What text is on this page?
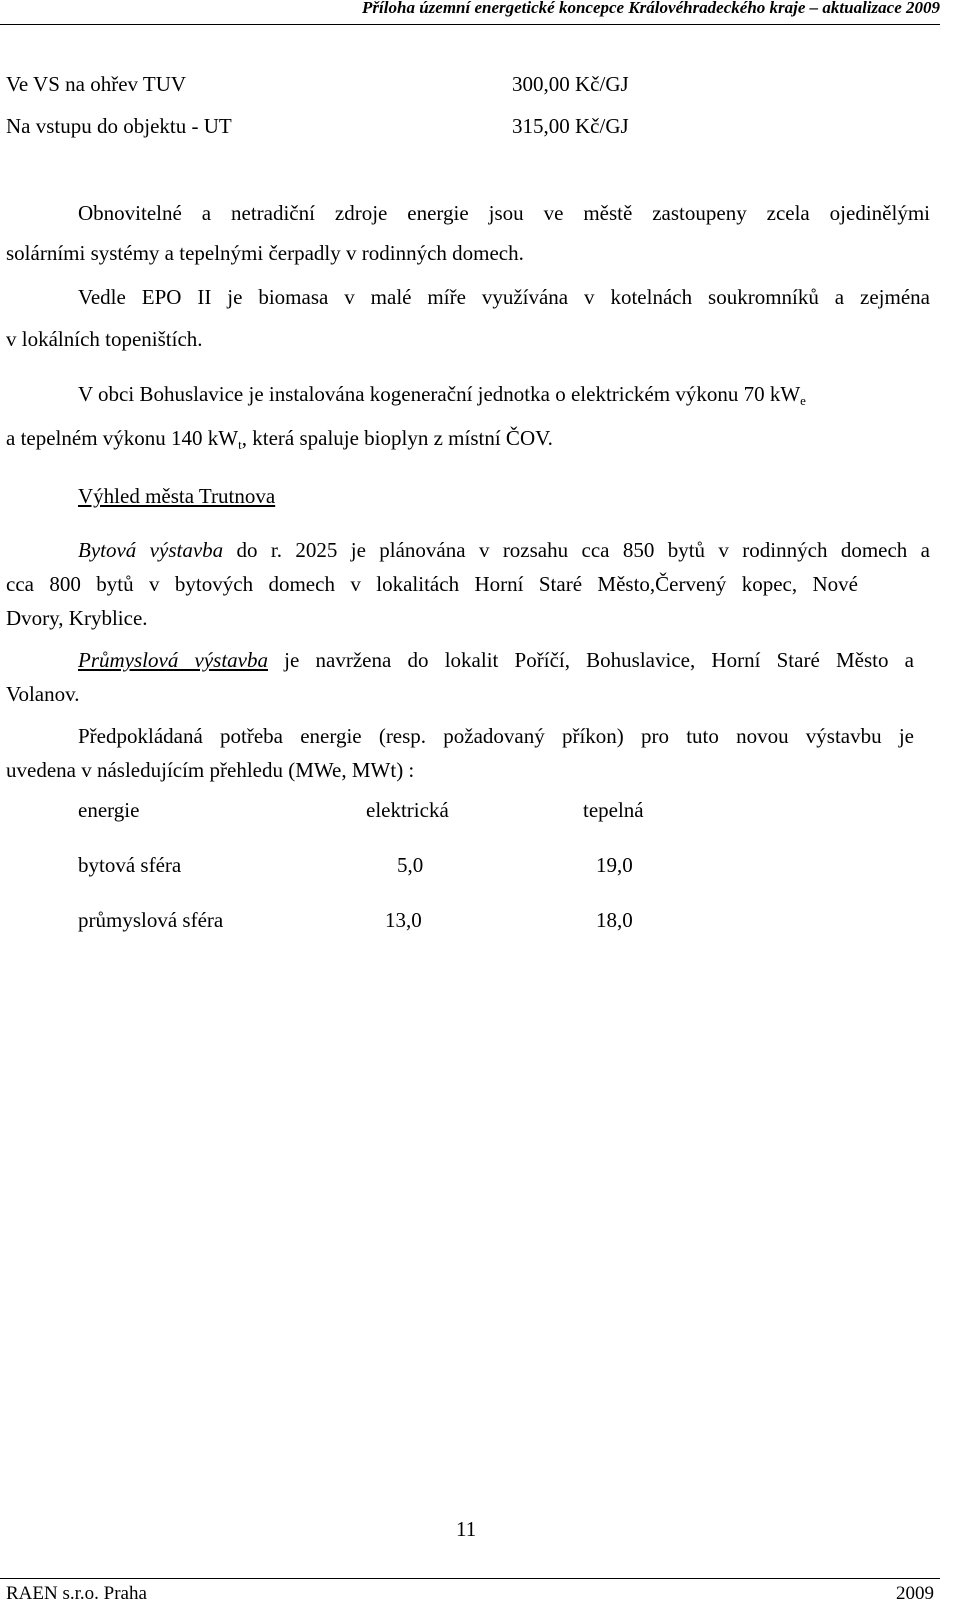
Příloha územní energetické koncepce Královéhradeckého kraje – aktualizace 2009
Ve VS na ohřev TUV	300,00 Kč/GJ
Na vstupu do objektu - UT	315,00 Kč/GJ
Obnovitelné a netradiční zdroje energie jsou ve městě zastoupeny zcela ojedinělými
solárními systémy a tepelnými čerpadly v rodinných domech.
Vedle EPO II je biomasa v malé míře využívána v kotelnách soukromníků a zejména
v lokálních topeništích.
V obci Bohuslavice je instalována kogenerační jednotka o elektrickém výkonu 70 $kW_e$
a tepelném výkonu 140 $kW_t$, která spaluje bioplyn z místní ČOV.
Výhled města Trutnova
Bytová výstavba do r. 2025 je plánována v rozsahu cca 850 bytů v rodinných domech a
cca 800 bytů v bytových domech v lokalitách Horní Staré Město,Červený kopec, Nové
Dvory, Kryblice.
Průmyslová výstavba je navržena do lokalit Poříčí, Bohuslavice, Horní Staré Město a
Volanov.
Předpokládaná potřeba energie (resp. požadovaný příkon) pro tuto novou výstavbu je
uvedena v následujícím přehledu (MWe, MWt) :
energie	elektrická	tepelná
bytová sféra	5,0	19,0
průmyslová sféra	13,0	18,0
11
RAEN s.r.o. Praha	2009
